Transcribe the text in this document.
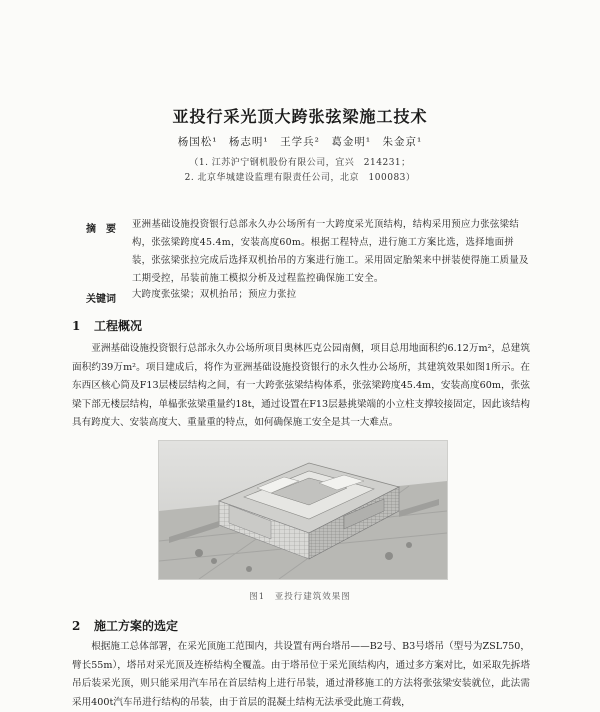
亚投行采光顶大跨张弦梁施工技术
杨国松¹　杨志明¹　王学兵²　葛金明¹　朱金京¹
（1. 江苏沪宁钢机股份有限公司，宜兴　214231；
2. 北京华城建设监理有限责任公司，北京　100083）
摘　要 亚洲基础设施投资银行总部永久办公场所有一大跨度采光顶结构，结构采用预应力张弦梁结构，张弦梁跨度45.4m，安装高度60m。根据工程特点，进行施工方案比选，选择地面拼装，张弦梁张拉完成后选择双机抬吊的方案进行施工。采用固定胎架来中拼装使得施工质量及工期受控，吊装前施工模拟分析及过程监控确保施工安全。
关键词 大跨度张弦梁；双机抬吊；预应力张拉
1 工程概况
亚洲基础设施投资银行总部永久办公场所项目奥林匹克公园南侧，项目总用地面积约6.12万m²，总建筑面积约39万m²。项目建成后，将作为亚洲基础设施投资银行的永久性办公场所，其建筑效果如图1所示。在东西区核心筒及F13层楼层结构之间，有一大跨张弦梁结构体系，张弦梁跨度45.4m，安装高度60m，张弦梁下部无楼层结构，单榀张弦梁重量约18t，通过设置在F13层悬挑梁端的小立柱支撑较接固定，因此该结构具有跨度大、安装高度大、重量重的特点，如何确保施工安全是其一大难点。
图1　亚投行建筑效果图
2 施工方案的选定
根据施工总体部署，在采光顶施工范围内，共设置有两台塔吊——B2号、B3号塔吊（型号为ZSL750，臂长55m），塔吊对采光顶及连桥结构全覆盖。由于塔吊位于采光顶结构内，通过多方案对比，如采取先拆塔吊后装采光顶，则只能采用汽车吊在首层结构上进行吊装，通过滑移施工的方法将张弦梁安装就位，此法需采用400t汽车吊进行结构的吊装，由于首层的混凝土结构无法承受此施工荷载，
